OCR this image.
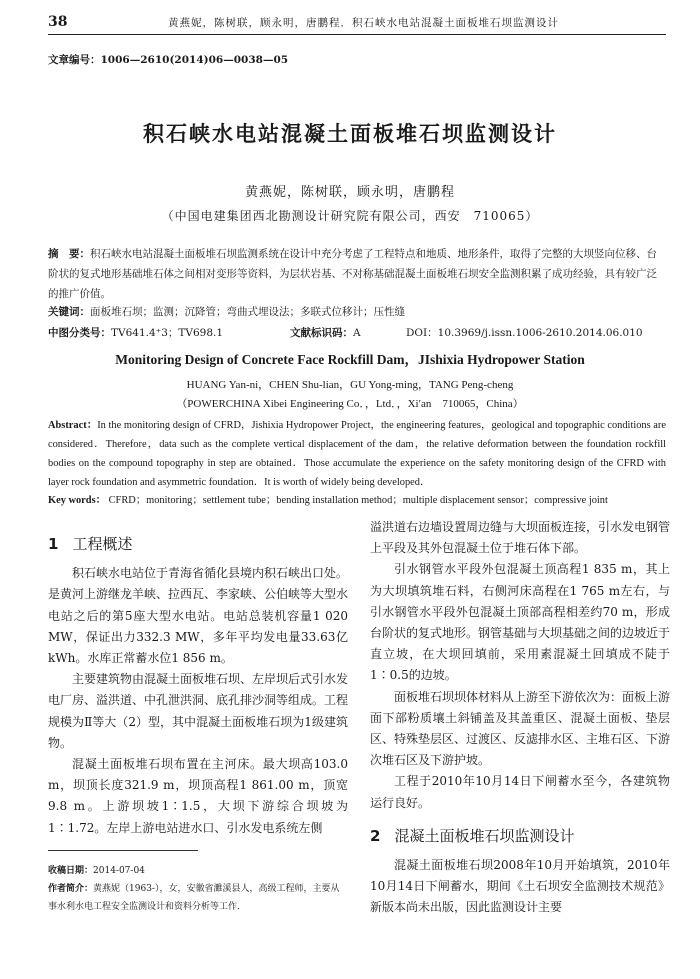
38	黄燕妮，陈树联，顾永明，唐鹏程．积石峡水电站混凝土面板堆石坝监测设计
文章编号：1006—2610(2014)06—0038—05
积石峡水电站混凝土面板堆石坝监测设计
黄燕妮，陈树联，顾永明，唐鹏程
（中国电建集团西北勘测设计研究院有限公司，西安　710065）
摘　要：积石峡水电站混凝土面板堆石坝监测系统在设计中充分考虑了工程特点和地质、地形条件，取得了完整的大坝竖向位移、台阶状的复式地形基础堆石体之间相对变形等资料，为层状岩基、不对称基础混凝土面板堆石坝安全监测积累了成功经验，具有较广泛的推广价值。
关键词：面板堆石坝；监测；沉降管；弯曲式埋设法；多联式位移计；压性缝
中图分类号：TV641.4⁺3；TV698.1	文献标识码：A	DOI：10.3969/j.issn.1006-2610.2014.06.010
Monitoring Design of Concrete Face Rockfill Dam，JIshixia Hydropower Station
HUANG Yan-ni，CHEN Shu-lian，GU Yong-ming，TANG Peng-cheng
（POWERCHINA Xibei Engineering Co．，Ltd．，Xi′an　710065，China）
Abstract：In the monitoring design of CFRD，Jishixia Hydropower Project，the engineering features，geological and topographic conditions are considered．Therefore，data such as the complete vertical displacement of the dam，the relative deformation between the foundation rockfill bodies on the compound topography in step are obtained．Those accumulate the experience on the safety monitoring design of the CFRD with layer rock foundation and asymmetric foundation．It is worth of widely being developed．
Key words： CFRD；monitoring；settlement tube；bending installation method；multiple displacement sensor；compressive joint
1 工程概述

积石峡水电站位于青海省循化县境内积石峡出口处。是黄河上游继龙羊峡、拉西瓦、李家峡、公伯峡等大型水电站之后的第5座大型水电站。电站总装机容量1 020 MW，保证出力332.3 MW，多年平均发电量33.63亿kWh。水库正常蓄水位1 856 m。

主要建筑物由混凝土面板堆石坝、左岸坝后式引水发电厂房、溢洪道、中孔泄洪洞、底孔排沙洞等组成。工程规模为Ⅱ等大（2）型，其中混凝土面板堆石坝为1级建筑物。

混凝土面板堆石坝布置在主河床。最大坝高103.0 m，坝顶长度321.9 m，坝顶高程1 861.00 m，顶宽9.8 m。上游坝坡1∶1.5，大坝下游综合坝坡为1∶1.72。左岸上游电站进水口、引水发电系统左侧

溢洪道右边墙设置周边缝与大坝面板连接，引水发电钢管上平段及其外包混凝土位于堆石体下部。

引水钢管水平段外包混凝土顶高程1 835 m，其上为大坝填筑堆石料，右侧河床高程在1 765 m左右，与引水钢管水平段外包混凝土顶部高程相差约70 m，形成台阶状的复式地形。钢管基础与大坝基础之间的边坡近于直立坡，在大坝回填前，采用素混凝土回填成不陡于1∶0.5的边坡。

面板堆石坝坝体材料从上游至下游依次为：面板上游面下部粉质壤土斜铺盖及其盖重区、混凝土面板、垫层区、特殊垫层区、过渡区、反滤排水区、主堆石区、下游次堆石区及下游护坡。

工程于2010年10月14日下闸蓄水至今，各建筑物运行良好。

2 混凝土面板堆石坝监测设计

混凝土面板堆石坝2008年10月开始填筑，2010年10月14日下闸蓄水，期间《土石坝安全监测技术规范》新版本尚未出版，因此监测设计主要

收稿日期：2014-07-04
作者简介：黄燕妮（1963-），女，安徽省濉溪县人，高级工程师，主要从事水利水电工程安全监测设计和资料分析等工作．
